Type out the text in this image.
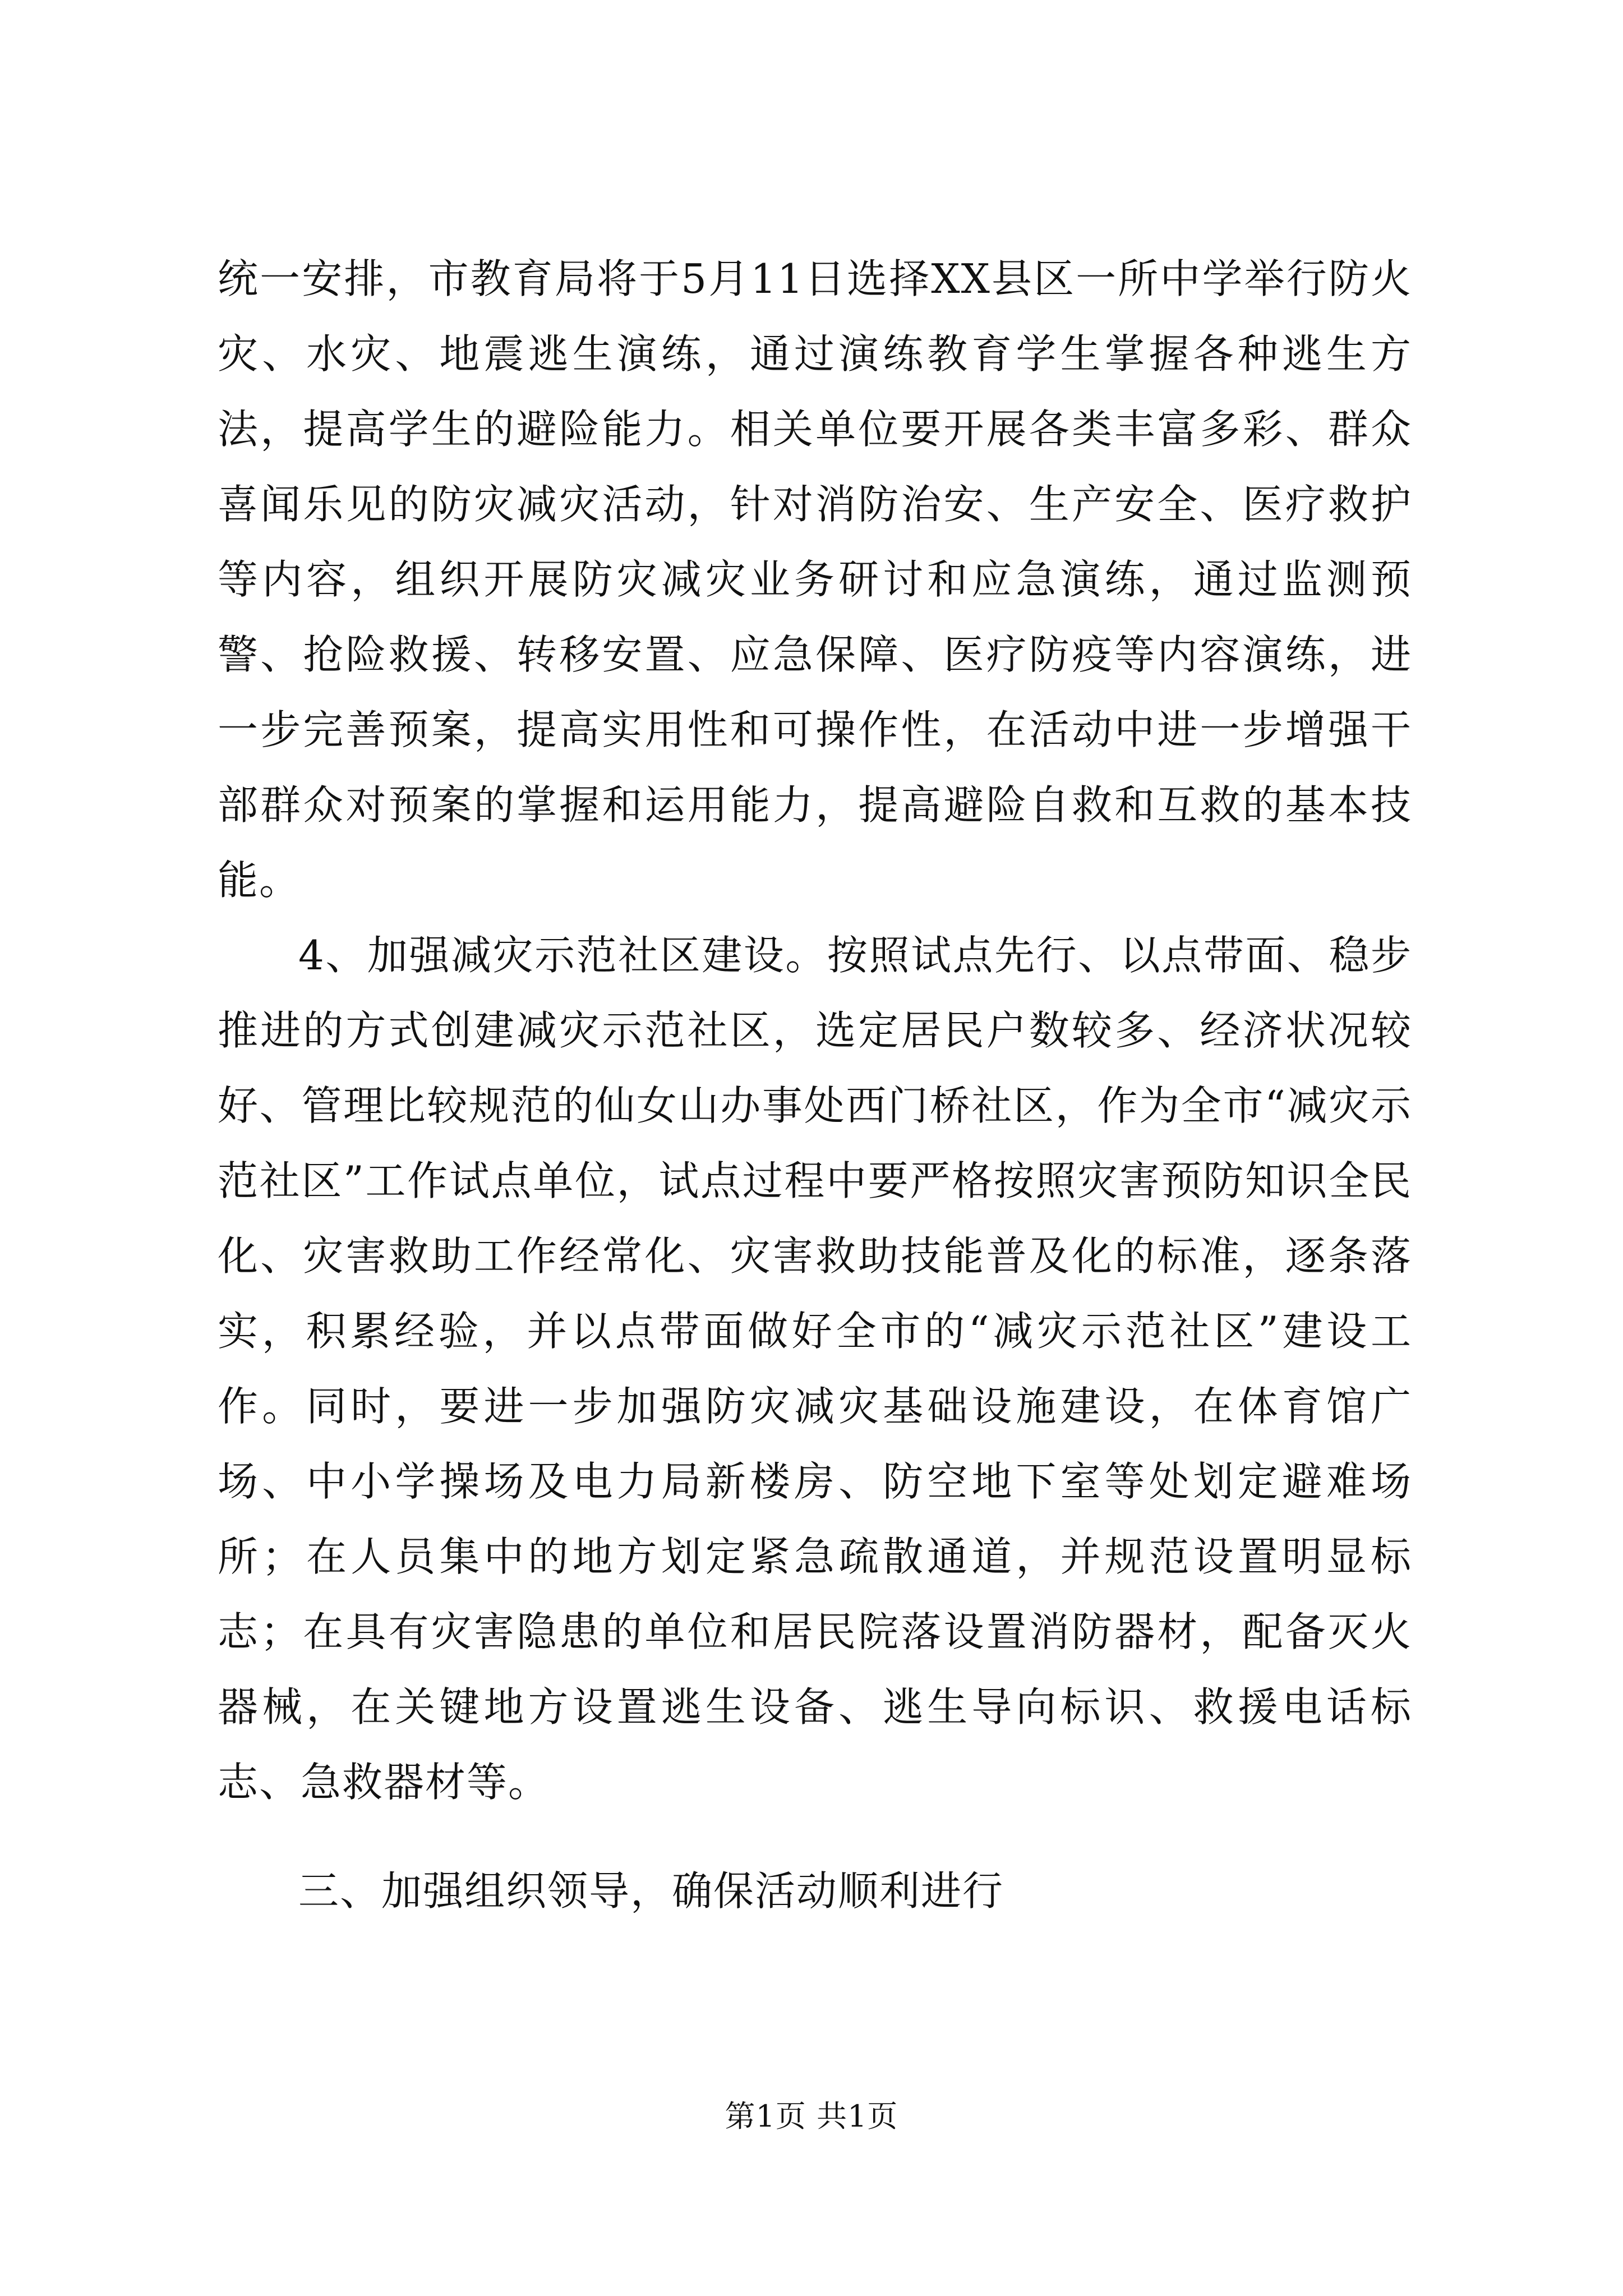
统一安排，市教育局将于5月11日选择XX县区一所中学举行防火灾、水灾、地震逃生演练，通过演练教育学生掌握各种逃生方法，提高学生的避险能力。相关单位要开展各类丰富多彩、群众喜闻乐见的防灾减灾活动，针对消防治安、生产安全、医疗救护等内容，组织开展防灾减灾业务研讨和应急演练，通过监测预警、抢险救援、转移安置、应急保障、医疗防疫等内容演练，进一步完善预案，提高实用性和可操作性，在活动中进一步增强干部群众对预案的掌握和运用能力，提高避险自救和互救的基本技能。

4、加强减灾示范社区建设。按照试点先行、以点带面、稳步推进的方式创建减灾示范社区，选定居民户数较多、经济状况较好、管理比较规范的仙女山办事处西门桥社区，作为全市“减灾示范社区”工作试点单位，试点过程中要严格按照灾害预防知识全民化、灾害救助工作经常化、灾害救助技能普及化的标准，逐条落实，积累经验，并以点带面做好全市的“减灾示范社区”建设工作。同时，要进一步加强防灾减灾基础设施建设，在体育馆广场、中小学操场及电力局新楼房、防空地下室等处划定避难场所；在人员集中的地方划定紧急疏散通道，并规范设置明显标志；在具有灾害隐患的单位和居民院落设置消防器材，配备灭火器械，在关键地方设置逃生设备、逃生导向标识、救援电话标志、急救器材等。

三、加强组织领导，确保活动顺利进行

第1页 共1页
